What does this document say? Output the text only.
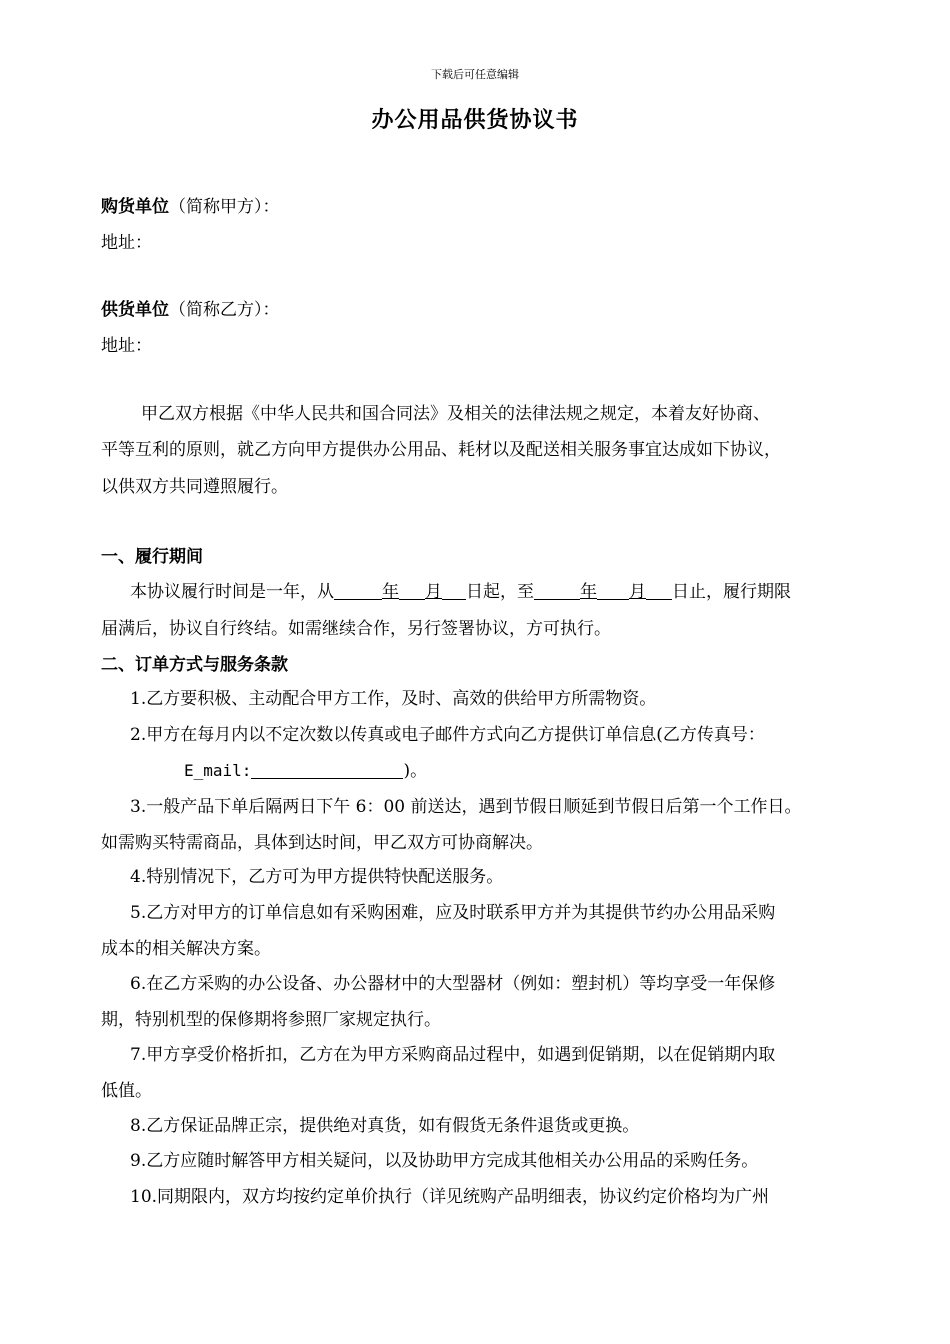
下载后可任意编辑
办公用品供货协议书
购货单位（简称甲方）：
地址：
供货单位（简称乙方）：
地址：
甲乙双方根据《中华人民共和国合同法》及相关的法律法规之规定，本着友好协商、
平等互利的原则，就乙方向甲方提供办公用品、耗材以及配送相关服务事宜达成如下协议，
以供双方共同遵照履行。
一、履行期间
本协议履行时间是一年，从	年 月 日起，至	年 月 日止，履行期限
届满后，协议自行终结。如需继续合作，另行签署协议，方可执行。
二、订单方式与服务条款
1.乙方要积极、主动配合甲方工作，及时、高效的供给甲方所需物资。
2.甲方在每月内以不定次数以传真或电子邮件方式向乙方提供订单信息(乙方传真号：
E_mail:	)。
3.一般产品下单后隔两日下午 6：00 前送达，遇到节假日顺延到节假日后第一个工作日。
如需购买特需商品，具体到达时间，甲乙双方可协商解决。
4.特别情况下，乙方可为甲方提供特快配送服务。
5.乙方对甲方的订单信息如有采购困难，应及时联系甲方并为其提供节约办公用品采购
成本的相关解决方案。
6.在乙方采购的办公设备、办公器材中的大型器材（例如：塑封机）等均享受一年保修
期，特别机型的保修期将参照厂家规定执行。
7.甲方享受价格折扣，乙方在为甲方采购商品过程中，如遇到促销期，以在促销期内取
低值。
8.乙方保证品牌正宗，提供绝对真货，如有假货无条件退货或更换。
9.乙方应随时解答甲方相关疑问，以及协助甲方完成其他相关办公用品的采购任务。
10.同期限内，双方均按约定单价执行（详见统购产品明细表，协议约定价格均为广州
